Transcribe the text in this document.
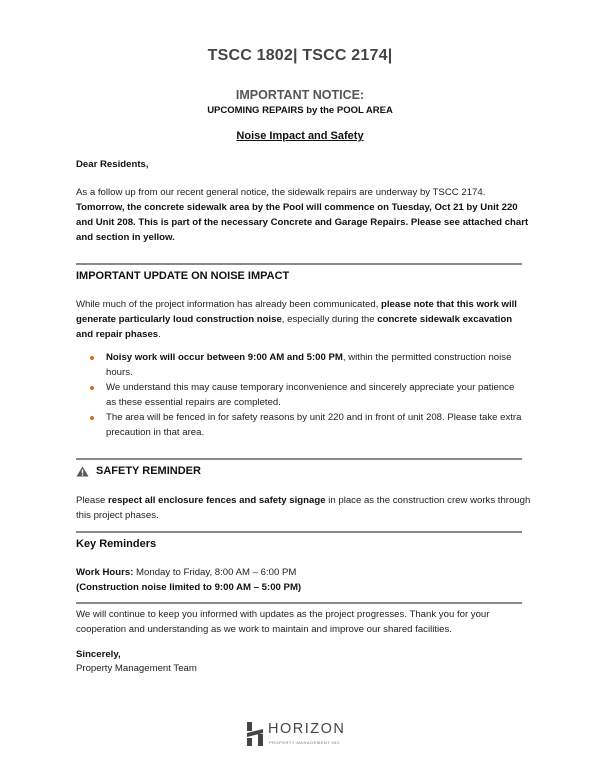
TSCC 1802| TSCC 2174|
IMPORTANT NOTICE:
UPCOMING REPAIRS by the POOL AREA
Noise Impact and Safety
Dear Residents,
As a follow up from our recent general notice, the sidewalk repairs are underway by TSCC 2174. Tomorrow, the concrete sidewalk area by the Pool will commence on Tuesday, Oct 21 by Unit 220 and Unit 208. This is part of the necessary Concrete and Garage Repairs. Please see attached chart and section in yellow.
IMPORTANT UPDATE ON NOISE IMPACT
While much of the project information has already been communicated, please note that this work will generate particularly loud construction noise, especially during the concrete sidewalk excavation and repair phases.
Noisy work will occur between 9:00 AM and 5:00 PM, within the permitted construction noise hours.
We understand this may cause temporary inconvenience and sincerely appreciate your patience as these essential repairs are completed.
The area will be fenced in for safety reasons by unit 220 and in front of unit 208. Please take extra precaution in that area.
SAFETY REMINDER
Please respect all enclosure fences and safety signage in place as the construction crew works through this project phases.
Key Reminders
Work Hours: Monday to Friday, 8:00 AM – 6:00 PM
(Construction noise limited to 9:00 AM – 5:00 PM)
We will continue to keep you informed with updates as the project progresses. Thank you for your cooperation and understanding as we work to maintain and improve our shared facilities.
Sincerely,
Property Management Team
HORIZON
PROPERTY MANAGEMENT INC
